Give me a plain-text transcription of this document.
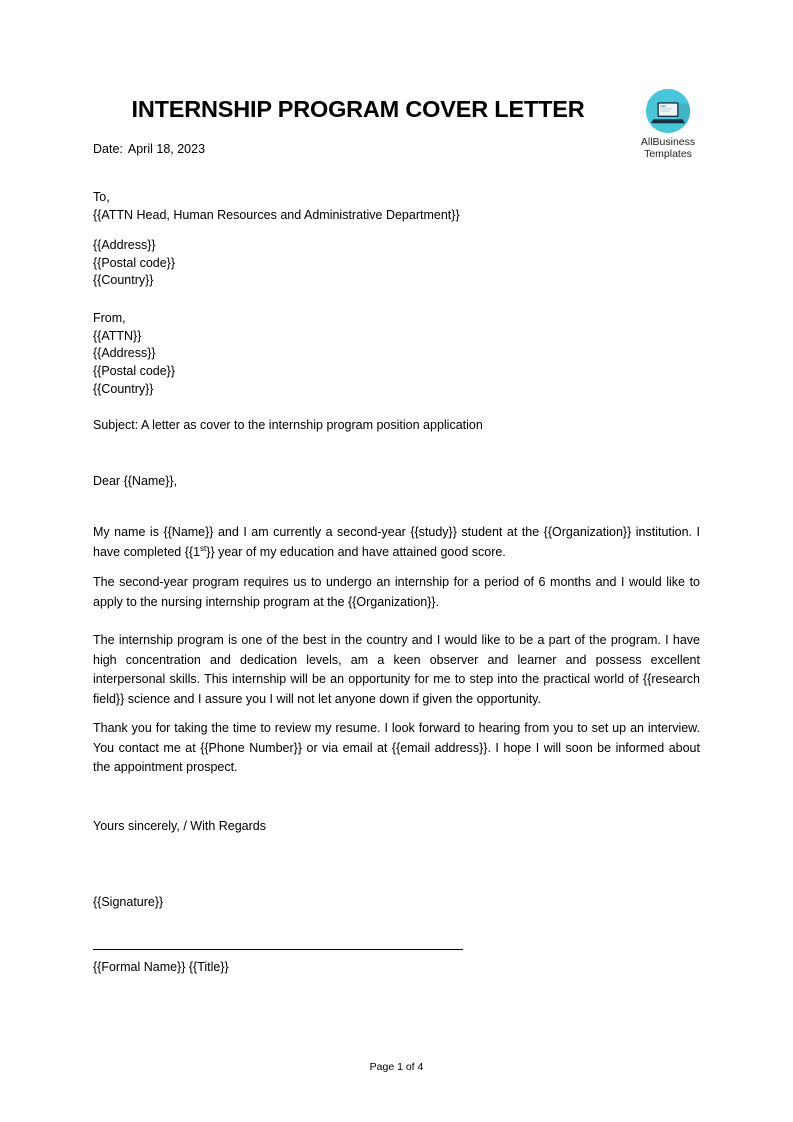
INTERNSHIP PROGRAM COVER LETTER
AllBusiness
Templates
Date: April 18, 2023
To,
{{ATTN Head, Human Resources and Administrative Department}}
{{Address}}
{{Postal code}}
{{Country}}
From,
{{ATTN}}
{{Address}}
{{Postal code}}
{{Country}}
Subject: A letter as cover to the internship program position application
Dear {{Name}},
My name is {{Name}} and I am currently a second-year {{study}} student at the {{Organization}} institution. I have completed {{1st}} year of my education and have attained good score.
The second-year program requires us to undergo an internship for a period of 6 months and I would like to apply to the nursing internship program at the {{Organization}}.
The internship program is one of the best in the country and I would like to be a part of the program. I have high concentration and dedication levels, am a keen observer and learner and possess excellent interpersonal skills. This internship will be an opportunity for me to step into the practical world of {{research field}} science and I assure you I will not let anyone down if given the opportunity.
Thank you for taking the time to review my resume. I look forward to hearing from you to set up an interview. You contact me at {{Phone Number}} or via email at {{email address}}. I hope I will soon be informed about the appointment prospect.
Yours sincerely, / With Regards
{{Signature}}
{{Formal Name}} {{Title}}
Page 1 of 4
